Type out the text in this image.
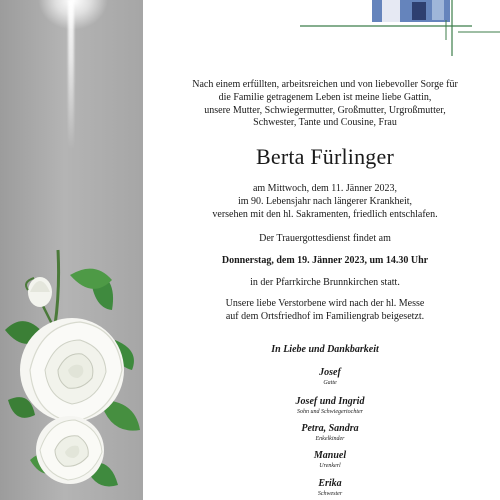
Nach einem erfüllten, arbeitsreichen und von liebevoller Sorge für
die Familie getragenem Leben ist meine liebe Gattin,
unsere Mutter, Schwiegermutter, Großmutter, Urgroßmutter,
Schwester, Tante und Cousine, Frau
Berta Fürlinger
am Mittwoch, dem 11. Jänner 2023,
im 90. Lebensjahr nach längerer Krankheit,
versehen mit den hl. Sakramenten, friedlich entschlafen.
Der Trauergottesdienst findet am
Donnerstag, dem 19. Jänner 2023, um 14.30 Uhr
in der Pfarrkirche Brunnkirchen statt.
Unsere liebe Verstorbene wird nach der hl. Messe
auf dem Ortsfriedhof im Familiengrab beigesetzt.
In Liebe und Dankbarkeit
Josef
Gatte
Josef und Ingrid
Sohn und Schwiegertochter
Petra, Sandra
Enkelkinder
Manuel
Urenkerl
Erika
Schwester
